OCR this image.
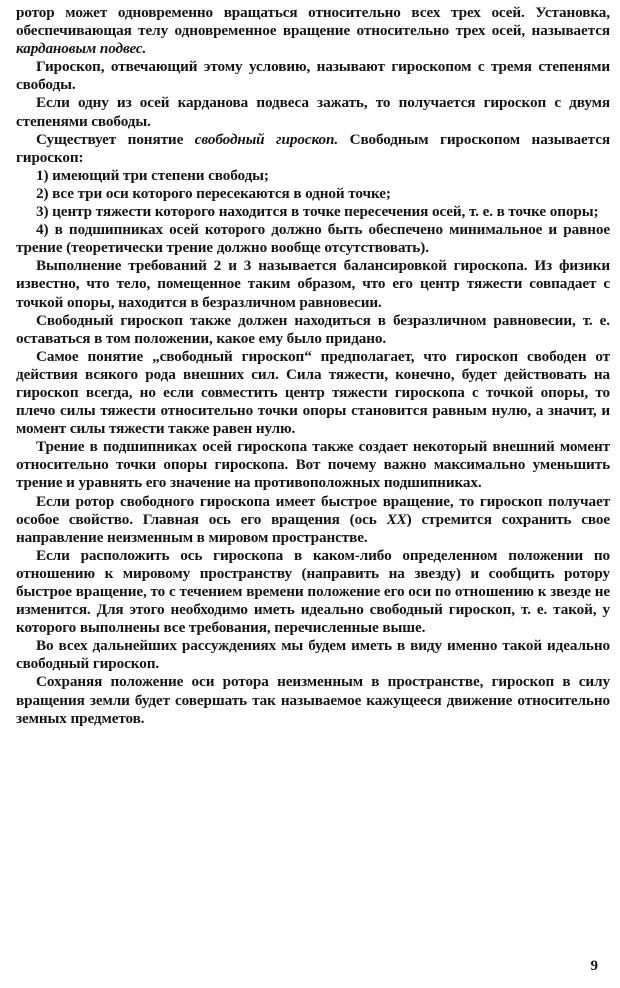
ротор может одновременно вращаться относительно всех трех осей. Установка, обеспечивающая телу одновременное вращение относительно трех осей, называется кардановым подвес.

Гироскоп, отвечающий этому условию, называют гироскопом с тремя степенями свободы.

Если одну из осей карданова подвеса зажать, то получается гироскоп с двумя степенями свободы.

Существует понятие свободный гироскоп. Свободным гироскопом называется гироскоп:

1) имеющий три степени свободы;

2) все три оси которого пересекаются в одной точке;

3) центр тяжести которого находится в точке пересечения осей, т. е. в точке опоры;

4) в подшипниках осей которого должно быть обеспечено минимальное и равное трение (теоретически трение должно вообще отсутствовать).

Выполнение требований 2 и 3 называется балансировкой гироскопа. Из физики известно, что тело, помещенное таким образом, что его центр тяжести совпадает с точкой опоры, находится в безразличном равновесии.

Свободный гироскоп также должен находиться в безразличном равновесии, т. е. оставаться в том положении, какое ему было придано.

Самое понятие „свободный гироскоп“ предполагает, что гироскоп свободен от действия всякого рода внешних сил. Сила тяжести, конечно, будет действовать на гироскоп всегда, но если совместить центр тяжести гироскопа с точкой опоры, то плечо силы тяжести относительно точки опоры становится равным нулю, а значит, и момент силы тяжести также равен нулю.

Трение в подшипниках осей гироскопа также создает некоторый внешний момент относительно точки опоры гироскопа. Вот почему важно максимально уменьшить трение и уравнять его значение на противоположных подшипниках.

Если ротор свободного гироскопа имеет быстрое вращение, то гироскоп получает особое свойство. Главная ось его вращения (ось XX) стремится сохранить свое направление неизменным в мировом пространстве.

Если расположить ось гироскопа в каком-либо определенном положении по отношению к мировому пространству (направить на звезду) и сообщить ротору быстрое вращение, то с течением времени положение его оси по отношению к звезде не изменится. Для этого необходимо иметь идеально свободный гироскоп, т. е. такой, у которого выполнены все требования, перечисленные выше.

Во всех дальнейших рассуждениях мы будем иметь в виду именно такой идеально свободный гироскоп.

Сохраняя положение оси ротора неизменным в пространстве, гироскоп в силу вращения земли будет совершать так называемое кажущееся движение относительно земных предметов.

9
